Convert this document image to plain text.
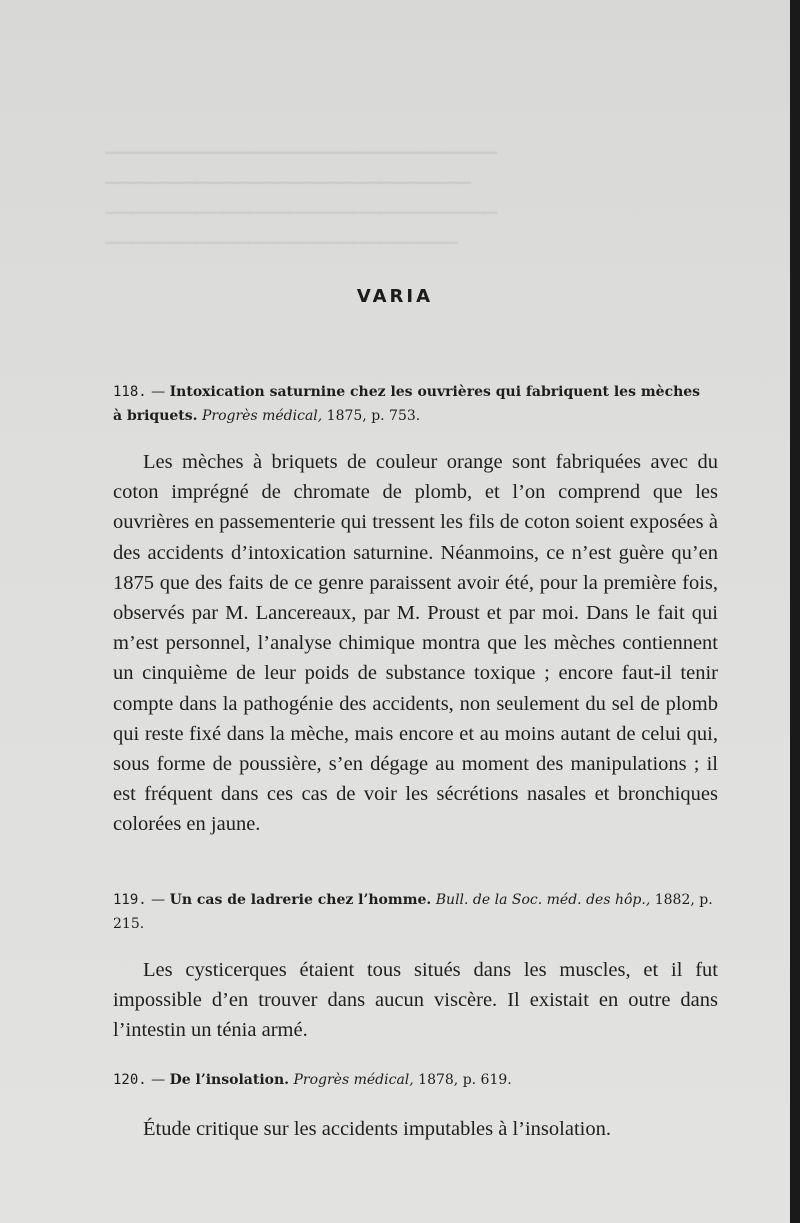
▁▁▁▁▁▁▁▁▁▁▁▁▁▁▁▁▁▁▁▁▁▁▁▁▁▁▁▁▁▁
▁▁▁▁▁▁▁▁▁▁▁▁▁▁▁▁▁▁▁▁▁▁▁▁▁▁▁▁
▁▁▁▁▁▁▁▁▁▁▁▁▁▁▁▁▁▁▁▁▁▁▁▁▁▁▁▁▁▁
▁▁▁▁▁▁▁▁▁▁▁▁▁▁▁▁▁▁▁▁▁▁▁▁▁▁▁
VARIA
118. — Intoxication saturnine chez les ouvrières qui fabriquent les mèches à briquets. Progrès médical, 1875, p. 753.

Les mèches à briquets de couleur orange sont fabriquées avec du coton imprégné de chromate de plomb, et l’on comprend que les ouvrières en passementerie qui tressent les fils de coton soient exposées à des accidents d’intoxication saturnine. Néanmoins, ce n’est guère qu’en 1875 que des faits de ce genre paraissent avoir été, pour la première fois, observés par M. Lancereaux, par M. Proust et par moi. Dans le fait qui m’est personnel, l’analyse chimique montra que les mèches contiennent un cinquième de leur poids de substance toxique ; encore faut-il tenir compte dans la pathogénie des accidents, non seulement du sel de plomb qui reste fixé dans la mèche, mais encore et au moins autant de celui qui, sous forme de poussière, s’en dégage au moment des manipulations ; il est fréquent dans ces cas de voir les sécrétions nasales et bronchiques colorées en jaune.

119. — Un cas de ladrerie chez l’homme. Bull. de la Soc. méd. des hôp., 1882, p. 215.

Les cysticerques étaient tous situés dans les muscles, et il fut impossible d’en trouver dans aucun viscère. Il existait en outre dans l’intestin un ténia armé.

120. — De l’insolation. Progrès médical, 1878, p. 619.

Étude critique sur les accidents imputables à l’insolation.
